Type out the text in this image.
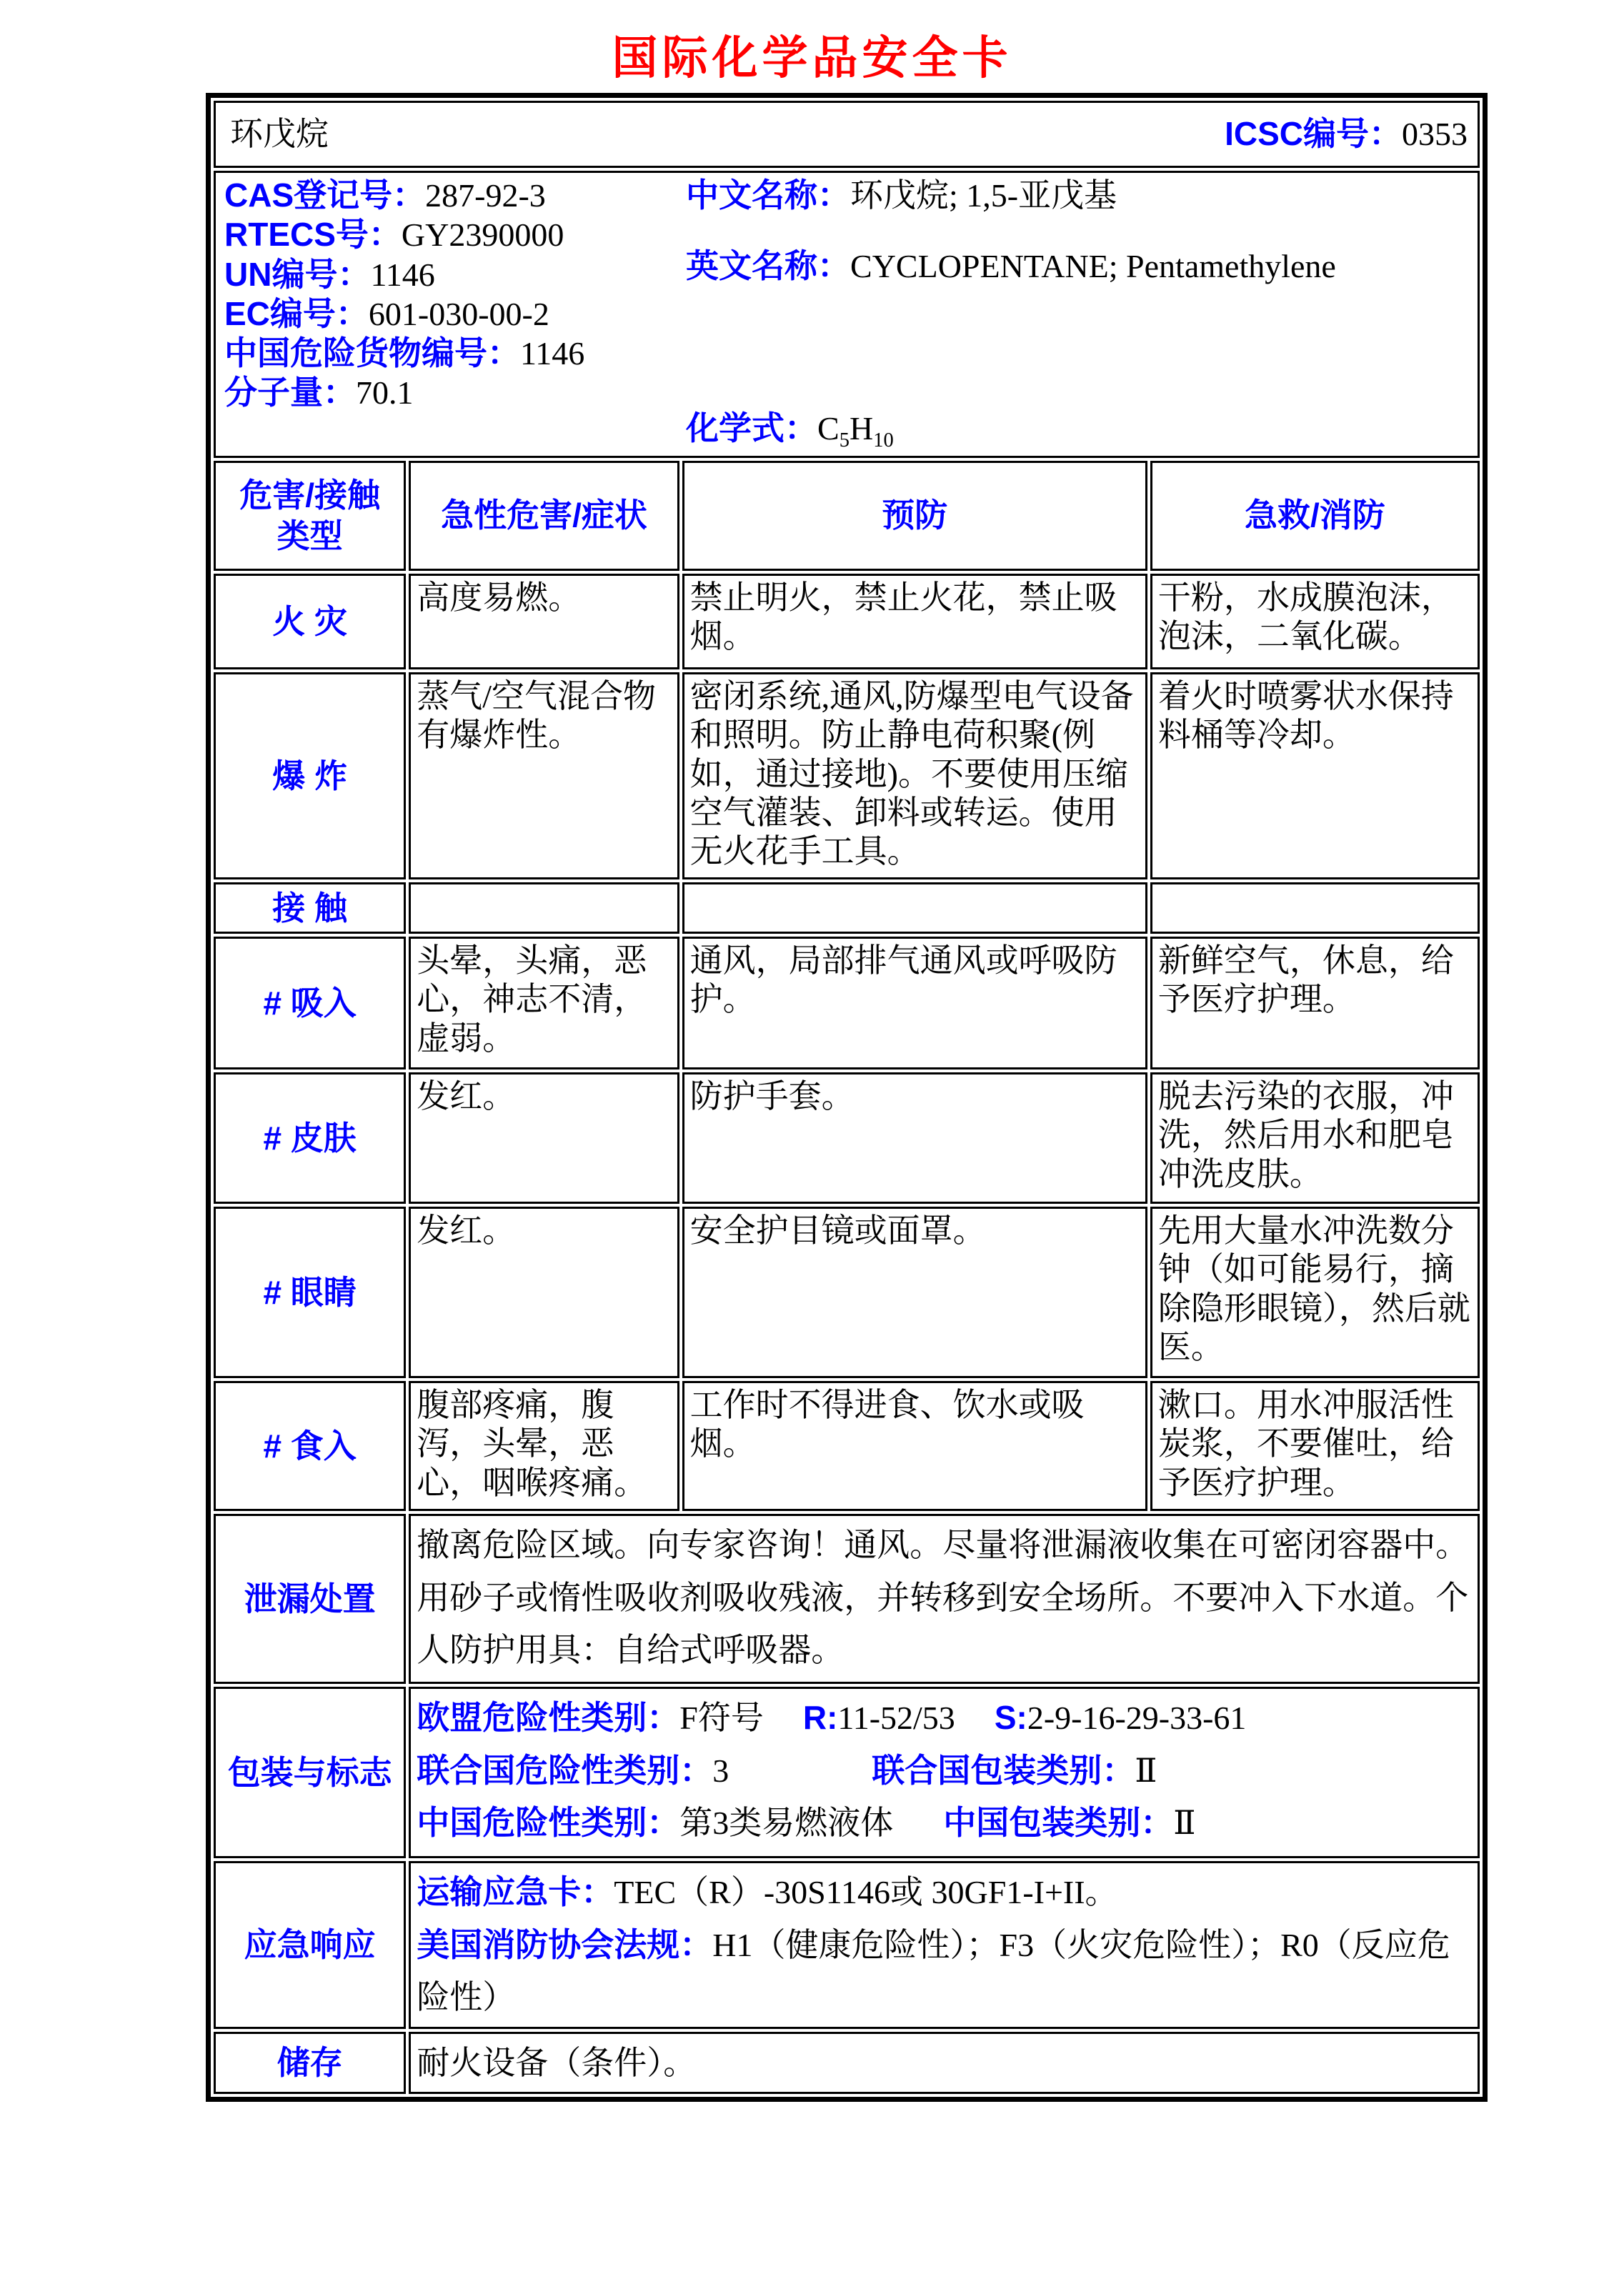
国际化学品安全卡
环戊烷 ICSC编号：0353			

CAS登记号：287-92-3
RTECS号：GY2390000
UN编号：1146
EC编号：601-030-00-2
中国危险货物编号：1146
分子量：70.1
中文名称：环戊烷; 1,5-亚戊基
英文名称：CYCLOPENTANE; Pentamethylene
化学式：$C_5H_{10}$

危害/接触
类型	急性危害/症状	预防	急救/消防
火 灾	高度易燃。	禁止明火，禁止火花，禁止吸烟。	干粉，水成膜泡沫，泡沫，二氧化碳。
爆 炸	蒸气/空气混合物有爆炸性。	密闭系统,通风,防爆型电气设备和照明。防止静电荷积聚(例如，通过接地)。不要使用压缩空气灌装、卸料或转运。使用无火花手工具。	着火时喷雾状水保持料桶等冷却。
接 触			
# 吸入	头晕，头痛，恶心，神志不清，虚弱。	通风，局部排气通风或呼吸防护。	新鲜空气，休息，给予医疗护理。
# 皮肤	发红。	防护手套。	脱去污染的衣服，冲洗，然后用水和肥皂冲洗皮肤。
# 眼睛	发红。	安全护目镜或面罩。	先用大量水冲洗数分钟（如可能易行，摘除隐形眼镜），然后就医。
# 食入	腹部疼痛，腹泻，头晕，恶心，咽喉疼痛。	工作时不得进食、饮水或吸烟。	漱口。用水冲服活性炭浆，不要催吐，给予医疗护理。
泄漏处置	撤离危险区域。向专家咨询！通风。尽量将泄漏液收集在可密闭容器中。用砂子或惰性吸收剂吸收残液，并转移到安全场所。不要冲入下水道。个人防护用具：自给式呼吸器。		
包装与标志	欧盟危险性类别：F符号 R:11-52/53 S:2-9-16-29-33-61
联合国危险性类别：3 联合国包装类别：Ⅱ
中国危险性类别：第3类易燃液体 中国包装类别：Ⅱ		

应急响应	运输应急卡：TEC（R）-30S1146或 30GF1-I+II。
美国消防协会法规：H1（健康危险性）；F3（火灾危险性）；R0（反应危险性）		

储存	耐火设备（条件）。		
